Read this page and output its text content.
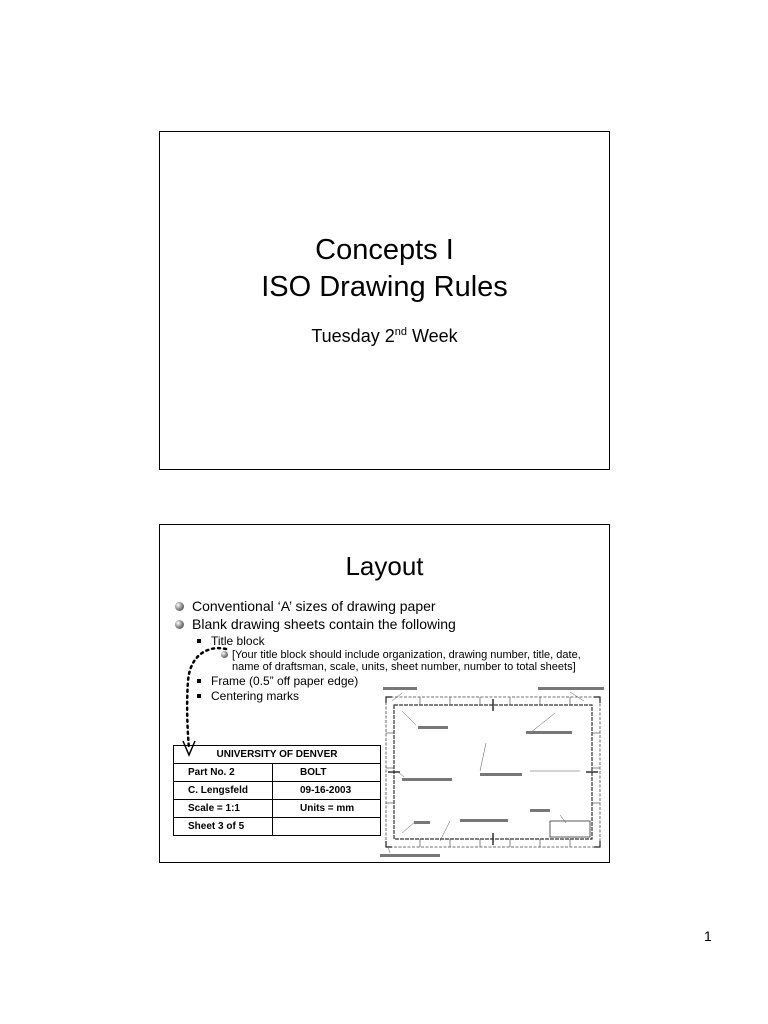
Concepts I
ISO Drawing Rules
Tuesday 2nd Week
Layout
Conventional ‘A’ sizes of drawing paper
Blank drawing sheets contain the following
Title block
[Your title block should include organization, drawing number, title, date,
name of draftsman, scale, units, sheet number, number to total sheets]
Frame (0.5” off paper edge)
Centering marks
UNIVERSITY OF DENVER	
Part No. 2	BOLT
C. Lengsfeld	09-16-2003
Scale = 1:1	Units = mm
Sheet 3 of 5	
1
